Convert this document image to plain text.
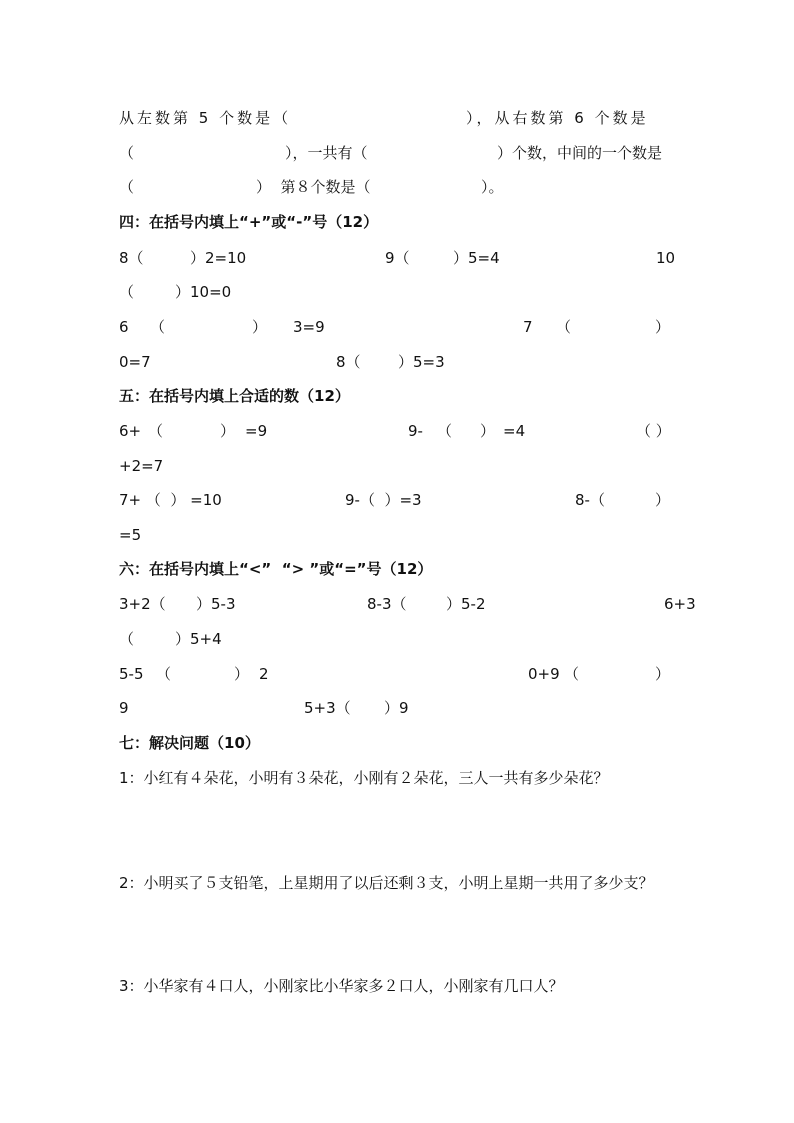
从左数第 5 个数是（	），从右数第 6 个数是
（	），一共有（	）个数，中间的一个数是
（	）  第８个数是（	）。
四：在括号内填上“+”或“-”号（12）
8（	）2=10	9（	）5=4	10
（	）10=0
6 （	） 3=9	7 （	）
0=7	8（ ）5=3
五：在括号内填上合适的数（12）
6+ （	） =9	9- （ ） =4	（ ）
+2=7
7+ （  ） =10	9-（  ）=3	8-（	）
=5
六：在括号内填上“<”  “> ”或“=”号（12）
3+2（ ）5-3	8-3（	）5-2	6+3
（	）5+4
5-5 （	） 2	0+9 （	）
9	5+3（ ）9
七：解决问题（10）
1：小红有４朵花，小明有３朵花，小刚有２朵花，三人一共有多少朵花？
2：小明买了５支铅笔，上星期用了以后还剩３支，小明上星期一共用了多少支？
3：小华家有４口人，小刚家比小华家多２口人，小刚家有几口人？
